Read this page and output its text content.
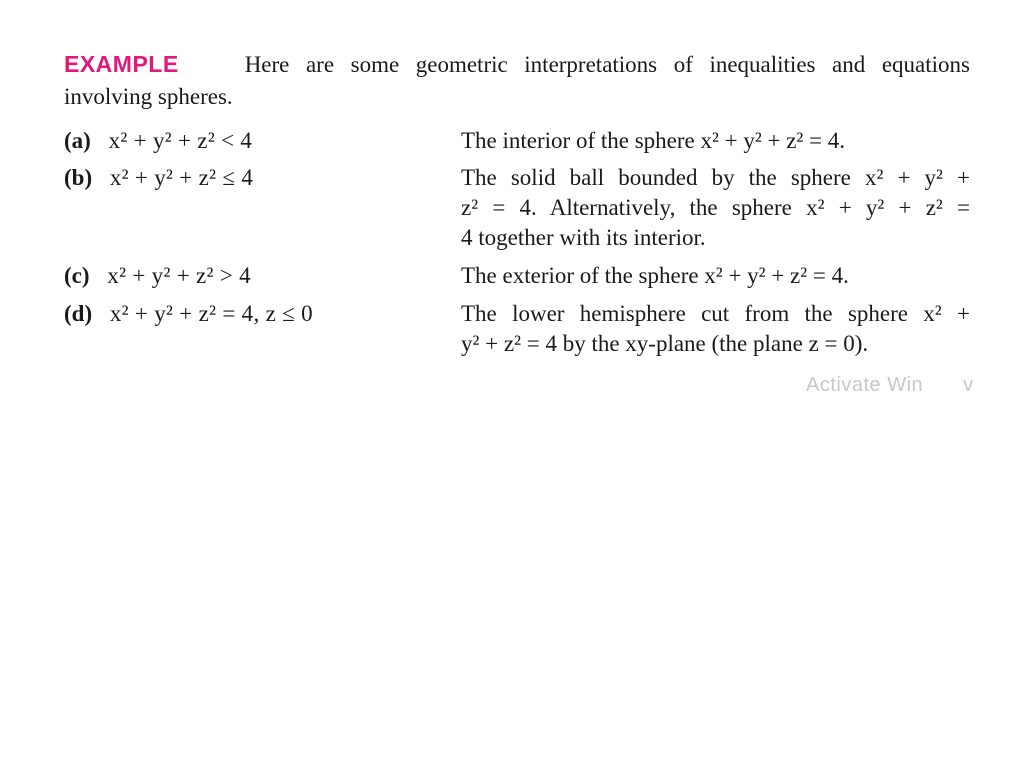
EXAMPLE	Here are some geometric interpretations of inequalities and equations
involving spheres.
(a) x² + y² + z² < 4	The interior of the sphere x² + y² + z² = 4.
(b) x² + y² + z² ≤ 4	The solid ball bounded by the sphere x² + y² +
z² = 4. Alternatively, the sphere x² + y² + z² =
4 together with its interior.
(c) x² + y² + z² > 4	The exterior of the sphere x² + y² + z² = 4.
(d) x² + y² + z² = 4, z ≤ 0	The lower hemisphere cut from the sphere x² +
y² + z² = 4 by the xy-plane (the plane z = 0).
Activate Win v
